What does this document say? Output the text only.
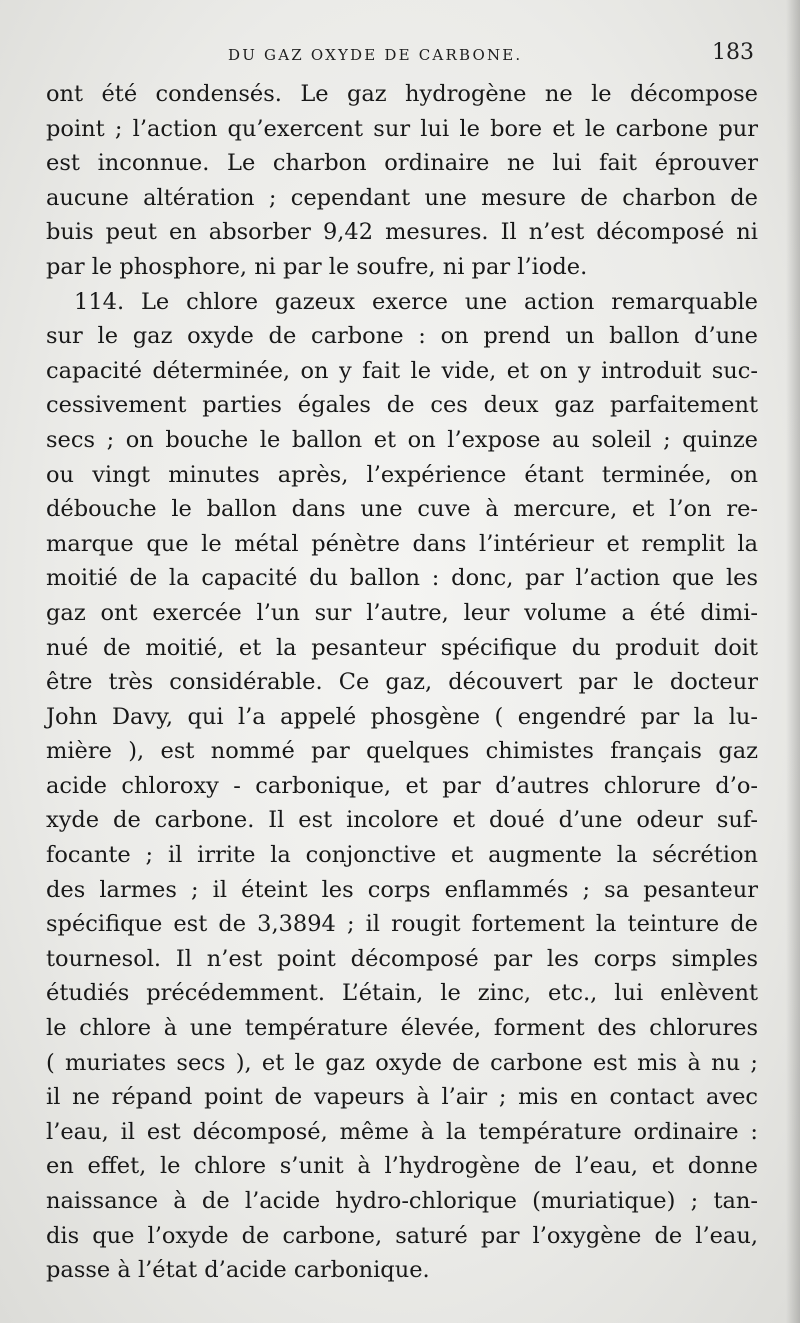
DU GAZ OXYDE DE CARBONE.	183
ont été condensés. Le gaz hydrogène ne le décompose
point ; l’action qu’exercent sur lui le bore et le carbone pur
est inconnue. Le charbon ordinaire ne lui fait éprouver
aucune altération ; cependant une mesure de charbon de
buis peut en absorber 9,42 mesures. Il n’est décomposé ni
par le phosphore, ni par le soufre, ni par l’iode.
114. Le chlore gazeux exerce une action remarquable
sur le gaz oxyde de carbone : on prend un ballon d’une
capacité déterminée, on y fait le vide, et on y introduit suc-
cessivement parties égales de ces deux gaz parfaitement
secs ; on bouche le ballon et on l’expose au soleil ; quinze
ou vingt minutes après, l’expérience étant terminée, on
débouche le ballon dans une cuve à mercure, et l’on re-
marque que le métal pénètre dans l’intérieur et remplit la
moitié de la capacité du ballon : donc, par l’action que les
gaz ont exercée l’un sur l’autre, leur volume a été dimi-
nué de moitié, et la pesanteur spécifique du produit doit
être très considérable. Ce gaz, découvert par le docteur
John Davy, qui l’a appelé phosgène ( engendré par la lu-
mière ), est nommé par quelques chimistes français gaz
acide chloroxy - carbonique, et par d’autres chlorure d’o-
xyde de carbone. Il est incolore et doué d’une odeur suf-
focante ; il irrite la conjonctive et augmente la sécrétion
des larmes ; il éteint les corps enflammés ; sa pesanteur
spécifique est de 3,3894 ; il rougit fortement la teinture de
tournesol. Il n’est point décomposé par les corps simples
étudiés précédemment. L’étain, le zinc, etc., lui enlèvent
le chlore à une température élevée, forment des chlorures
( muriates secs ), et le gaz oxyde de carbone est mis à nu ;
il ne répand point de vapeurs à l’air ; mis en contact avec
l’eau, il est décomposé, même à la température ordinaire :
en effet, le chlore s’unit à l’hydrogène de l’eau, et donne
naissance à de l’acide hydro-chlorique (muriatique) ; tan-
dis que l’oxyde de carbone, saturé par l’oxygène de l’eau,
passe à l’état d’acide carbonique.
